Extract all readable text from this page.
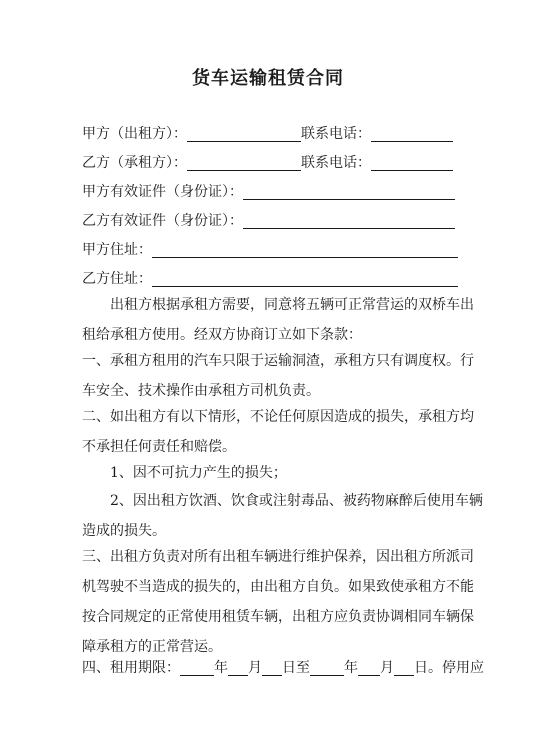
货车运输租赁合同
甲方（出租方）：	联系电话：
乙方（承租方）：	联系电话：
甲方有效证件（身份证）：
乙方有效证件（身份证）：
甲方住址：
乙方住址：
　　出租方根据承租方需要，同意将五辆可正常营运的双桥车出
租给承租方使用。经双方协商订立如下条款：
一、承租方租用的汽车只限于运输洞渣，承租方只有调度权。行
车安全、技术操作由承租方司机负责。
二、如出租方有以下情形，不论任何原因造成的损失，承租方均
不承担任何责任和赔偿。
　　1、因不可抗力产生的损失；
　　2、因出租方饮酒、饮食或注射毒品、被药物麻醉后使用车辆
造成的损失。
三、出租方负责对所有出租车辆进行维护保养，因出租方所派司
机驾驶不当造成的损失的，由出租方自负。如果致使承租方不能
按合同规定的正常使用租赁车辆，出租方应负责协调相同车辆保
障承租方的正常营运。
四、租用期限： 年 月 日至 年 月 日。停用应
